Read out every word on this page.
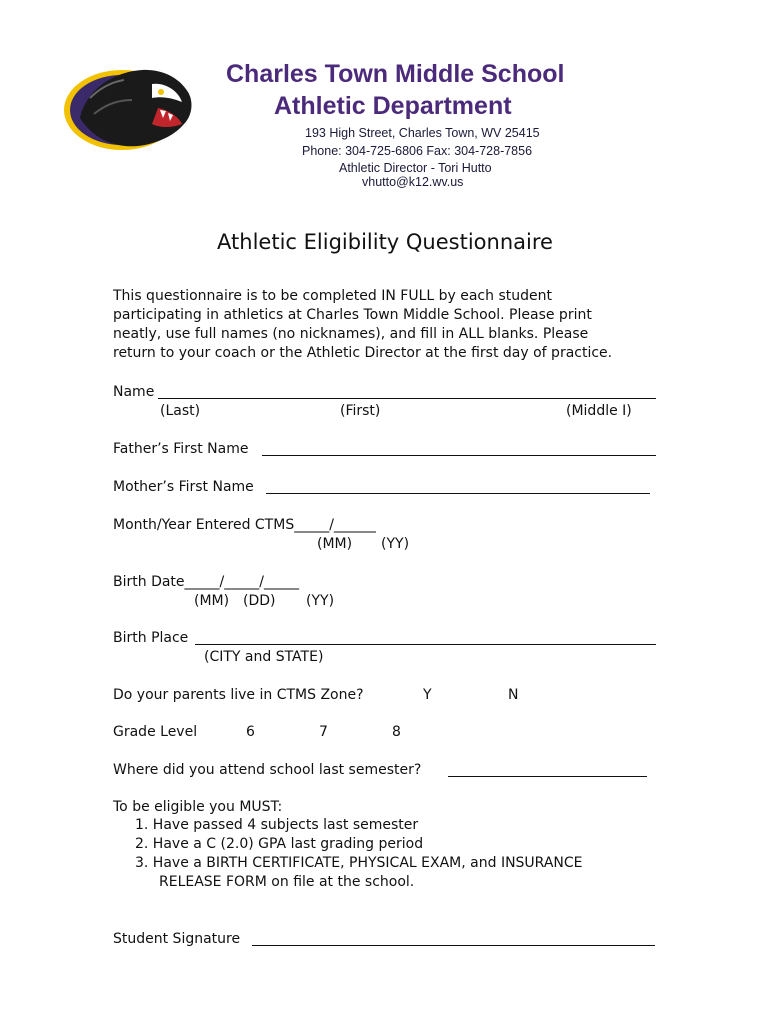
Charles Town Middle School
Athletic Department
193 High Street, Charles Town, WV 25415
Phone: 304-725-6806 Fax: 304-728-7856
Athletic Director - Tori Hutto
vhutto@k12.wv.us
Athletic Eligibility Questionnaire
This questionnaire is to be completed IN FULL by each student
participating in athletics at Charles Town Middle School. Please print
neatly, use full names (no nicknames), and fill in ALL blanks. Please
return to your coach or the Athletic Director at the first day of practice.
Name
(Last)	(First)	(Middle I)
Father’s First Name
Mother’s First Name
Month/Year Entered CTMS_____/______
(MM) (YY)
Birth Date_____/_____/_____
(MM) (DD) (YY)
Birth Place
(CITY and STATE)
Do your parents live in CTMS Zone?	Y	N
Grade Level	6	7	8
Where did you attend school last semester?
To be eligible you MUST:
1. Have passed 4 subjects last semester
2. Have a C (2.0) GPA last grading period
3. Have a BIRTH CERTIFICATE, PHYSICAL EXAM, and INSURANCE
RELEASE FORM on file at the school.
Student Signature
